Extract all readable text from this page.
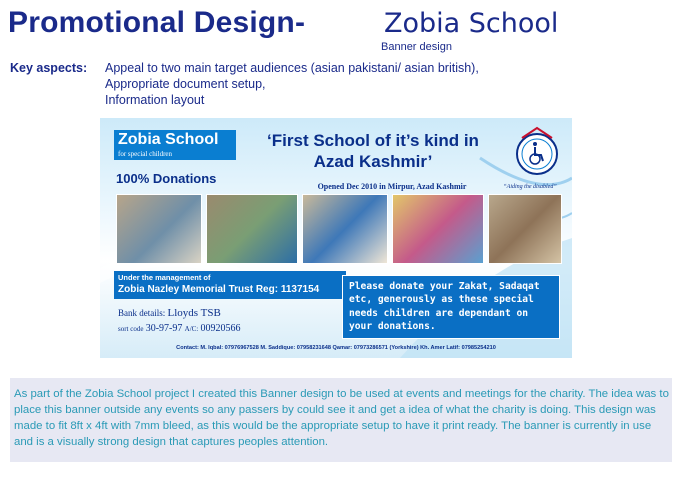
Promotional Design-	Zobia School
Banner design
Key aspects: Appeal to two main target audiences (asian pakistani/ asian british),
Appropriate document setup,
Information layout
Zobia School
for special children
100% Donations
‘First School of it’s kind in
Azad Kashmir’
Opened Dec 2010 in Mirpur, Azad Kashmir	“Aiding the disabled”
Under the management of
Zobia Nazley Memorial Trust Reg: 1137154
Bank details: Lloyds TSB
sort code 30-97-97 A/C: 00920566
Please donate your Zakat, Sadaqat etc, generously as these special needs children are dependant on your donations.
Contact: M. Iqbal: 07976967528 M. Saddique: 07958231648 Qamar: 07973286571 (Yorkshire) Kh. Amer Latif: 07985254210
As part of the Zobia School project I created this Banner design to be used at events and meetings for the charity. The idea was to place this banner outside any events so any passers by could see it and get a idea of what the charity is doing. This design was made to fit 8ft x 4ft with 7mm bleed, as this would be the appropriate setup to have it print ready. The banner is currently in use and is a visually strong design that captures peoples attention.
